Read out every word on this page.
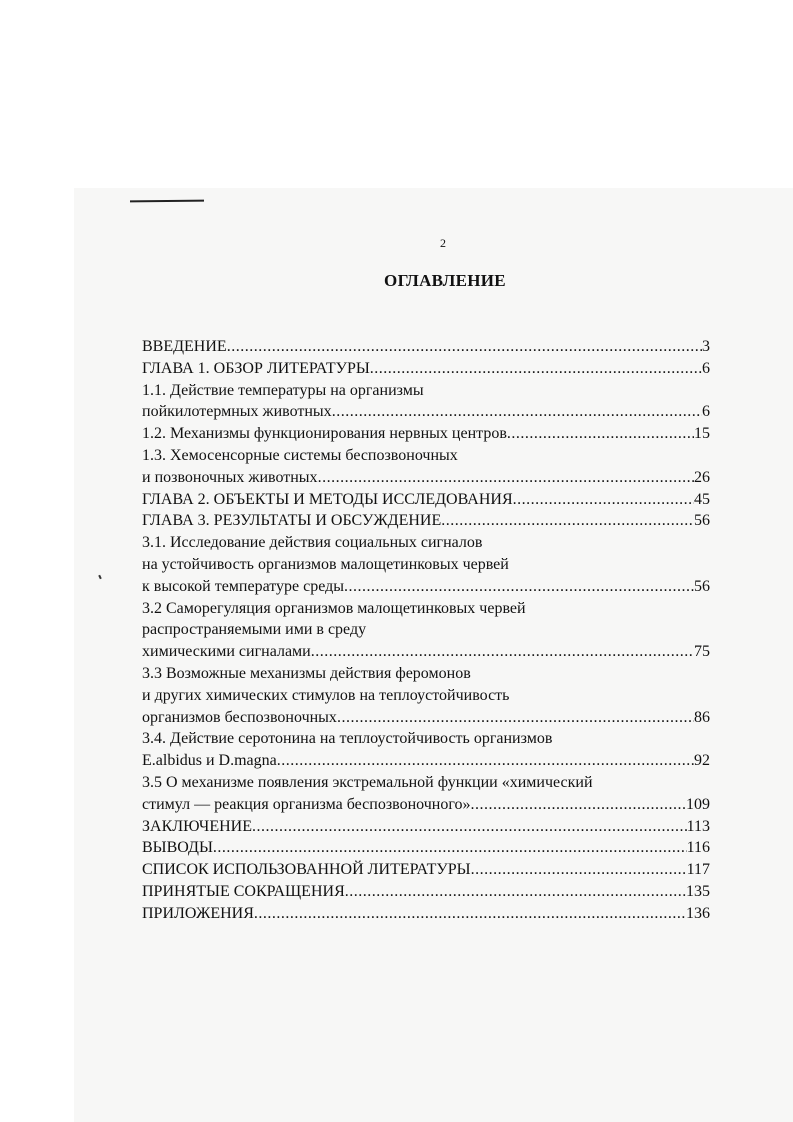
2
ОГЛАВЛЕНИЕ
ВВЕДЕНИЕ .....	3
ГЛАВА 1. ОБЗОР ЛИТЕРАТУРЫ .....	6
1.1. Действие температуры на организмы
пойкилотермных животных .....	6
1.2. Механизмы функционирования нервных центров .....	15
1.3. Хемосенсорные системы беспозвоночных
и позвоночных животных .....	26
ГЛАВА 2. ОБЪЕКТЫ И МЕТОДЫ ИССЛЕДОВАНИЯ .....	45
ГЛАВА 3. РЕЗУЛЬТАТЫ И ОБСУЖДЕНИЕ .....	56
3.1. Исследование действия социальных сигналов
на устойчивость организмов малощетинковых червей
к высокой температуре среды .....	56
3.2 Саморегуляция организмов малощетинковых червей
распространяемыми ими в среду
химическими сигналами .....	75
3.3 Возможные механизмы действия феромонов
и других химических стимулов на теплоустойчивость
организмов беспозвоночных .....	86
3.4. Действие серотонина на теплоустойчивость организмов
E.albidus и D.magna .....	92
3.5 О механизме появления экстремальной функции «химический
стимул — реакция организма беспозвоночного» .....	109
ЗАКЛЮЧЕНИЕ .....	113
ВЫВОДЫ .....	116
СПИСОК ИСПОЛЬЗОВАННОЙ ЛИТЕРАТУРЫ .....	117
ПРИНЯТЫЕ СОКРАЩЕНИЯ .....	135
ПРИЛОЖЕНИЯ .....	136
